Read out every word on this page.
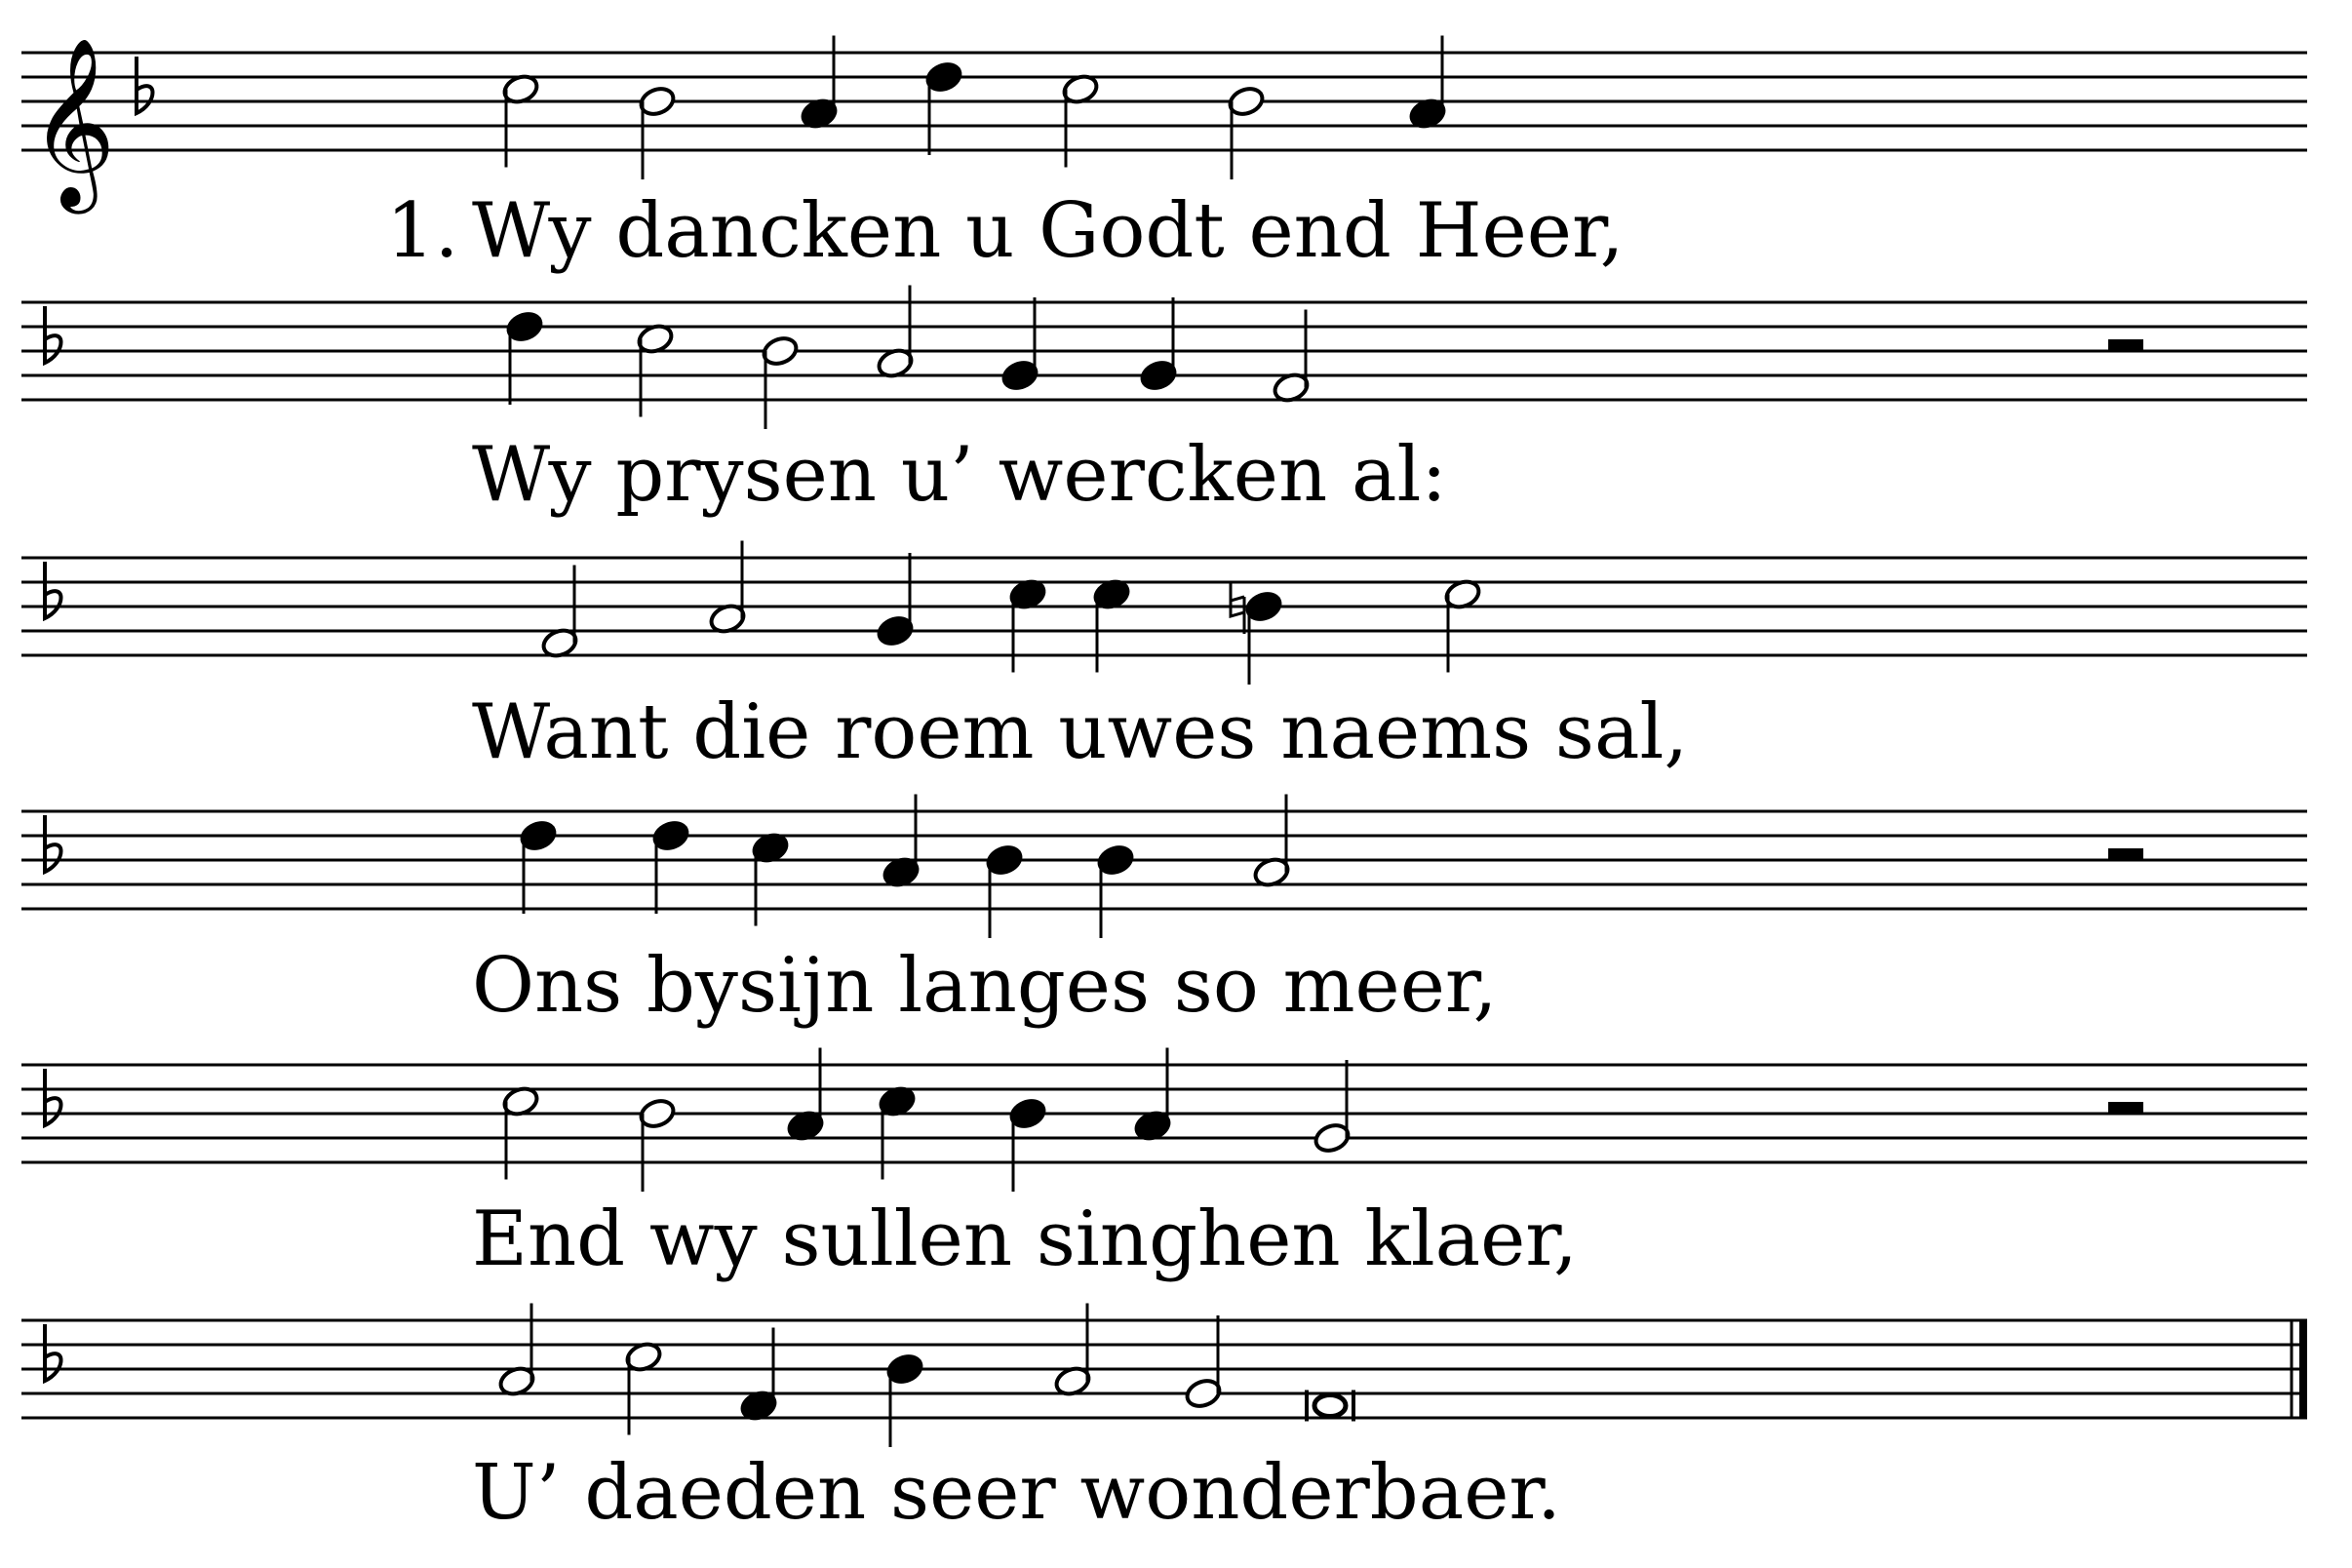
𝄞
1. Wy dancken u Godt end Heer,
Wy prysen u’ wercken al:
Want die roem uwes naems sal,
Ons bysijn langes so meer,
End wy sullen singhen klaer,
U’ daeden seer wonderbaer.
